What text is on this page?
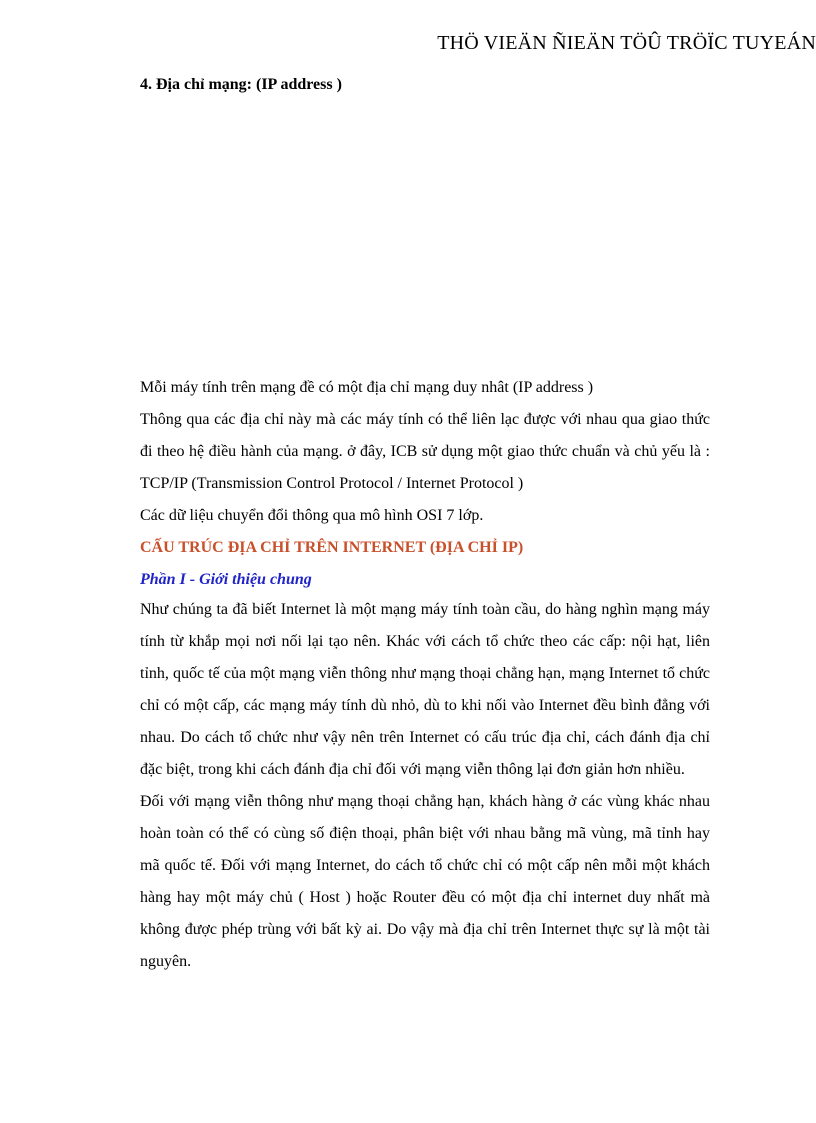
THÖ VIEÄN ÑIEÄN TÖÛ TRÖÏC TUYEÁN
4. Địa chỉ mạng: (IP address )

Mỗi máy tính trên mạng đề có một địa chỉ mạng duy nhât (IP address )

Thông qua các địa chỉ này mà các máy tính có thể liên lạc được với nhau qua giao thức đi theo hệ điều hành của mạng. ở đây, ICB sử dụng một giao thức chuẩn và chủ yếu là : TCP/IP (Transmission Control Protocol / Internet Protocol )

Các dữ liệu chuyển đổi thông qua mô hình OSI 7 lớp.

CẤU TRÚC ĐỊA CHỈ TRÊN INTERNET (ĐỊA CHỈ IP)

Phần I - Giới thiệu chung

Như chúng ta đã biết Internet là một mạng máy tính toàn cầu, do hàng nghìn mạng máy tính từ khắp mọi nơi nối lại tạo nên. Khác với cách tổ chức theo các cấp: nội hạt, liên tỉnh, quốc tế của một mạng viễn thông như mạng thoại chẳng hạn, mạng Internet tổ chức chỉ có một cấp, các mạng máy tính dù nhỏ, dù to khi nối vào Internet đều bình đẳng với nhau. Do cách tổ chức như vậy nên trên Internet có cấu trúc địa chỉ, cách đánh địa chỉ đặc biệt, trong khi cách đánh địa chỉ đối với mạng viễn thông lại đơn giản hơn nhiều.

Đối với mạng viễn thông như mạng thoại chẳng hạn, khách hàng ở các vùng khác nhau hoàn toàn có thể có cùng số điện thoại, phân biệt với nhau bằng mã vùng, mã tỉnh hay mã quốc tế. Đối với mạng Internet, do cách tổ chức chỉ có một cấp nên mỗi một khách hàng hay một máy chủ ( Host ) hoặc Router đều có một địa chỉ internet duy nhất mà không được phép trùng với bất kỳ ai. Do vậy mà địa chỉ trên Internet thực sự là một tài nguyên.
